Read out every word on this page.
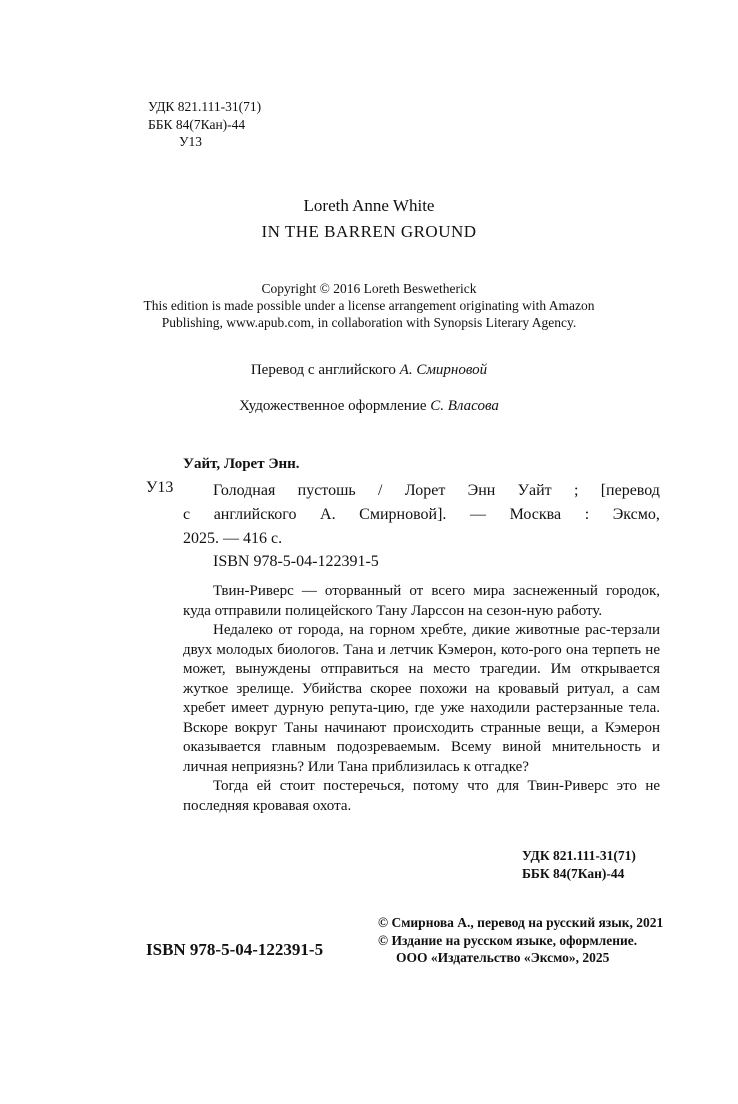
УДК 821.111-31(71)
ББК 84(7Кан)-44
У13
Loreth Anne White
IN THE BARREN GROUND
Copyright © 2016 Loreth Beswetherick
This edition is made possible under a license arrangement originating with Amazon
Publishing, www.apub.com, in collaboration with Synopsis Literary Agency.
Перевод с английского А. Смирновой
Художественное оформление С. Власова
Уайт, Лорет Энн.
У13 Голодная пустошь / Лорет Энн Уайт ; [перевод
с английского А. Смирновой]. — Москва : Эксмо,
2025. — 416 с.
ISBN 978-5-04-122391-5

Твин-Риверс — оторванный от всего мира заснеженный городок, куда отправили полицейского Тану Ларссон на сезон-ную работу.

Недалеко от города, на горном хребте, дикие животные рас-терзали двух молодых биологов. Тана и летчик Кэмерон, кото-рого она терпеть не может, вынуждены отправиться на место трагедии. Им открывается жуткое зрелище. Убийства скорее похожи на кровавый ритуал, а сам хребет имеет дурную репута-цию, где уже находили растерзанные тела. Вскоре вокруг Таны начинают происходить странные вещи, а Кэмерон оказывается главным подозреваемым. Всему виной мнительность и личная неприязнь? Или Тана приблизилась к отгадке?

Тогда ей стоит постеречься, потому что для Твин-Риверс это не последняя кровавая охота.

УДК 821.111-31(71)
ББК 84(7Кан)-44
© Смирнова А., перевод на русский язык, 2021
© Издание на русском языке, оформление.
ООО «Издательство «Эксмо», 2025
ISBN 978-5-04-122391-5
